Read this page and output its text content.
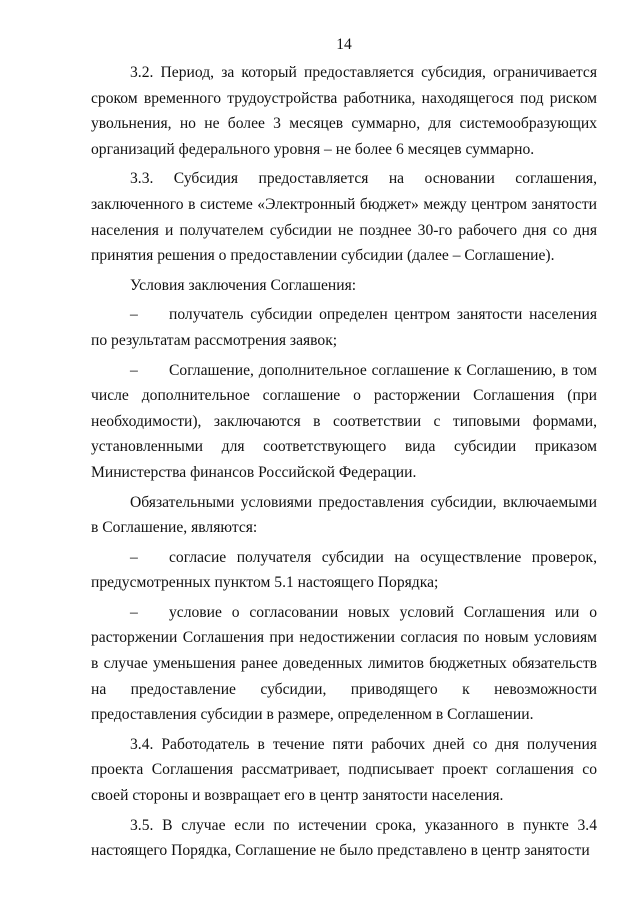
14

3.2. Период, за который предоставляется субсидия, ограничивается сроком временного трудоустройства работника, находящегося под риском увольнения, но не более 3 месяцев суммарно, для системообразующих организаций федерального уровня – не более 6 месяцев суммарно.

3.3. Субсидия предоставляется на основании соглашения, заключенного в системе «Электронный бюджет» между центром занятости населения и получателем субсидии не позднее 30-го рабочего дня со дня принятия решения о предоставлении субсидии (далее – Соглашение).

Условия заключения Соглашения:

– получатель субсидии определен центром занятости населения по результатам рассмотрения заявок;

– Соглашение, дополнительное соглашение к Соглашению, в том числе дополнительное соглашение о расторжении Соглашения (при необходимости), заключаются в соответствии с типовыми формами, установленными для соответствующего вида субсидии приказом Министерства финансов Российской Федерации.

Обязательными условиями предоставления субсидии, включаемыми в Соглашение, являются:

– согласие получателя субсидии на осуществление проверок, предусмотренных пунктом 5.1 настоящего Порядка;

– условие о согласовании новых условий Соглашения или о расторжении Соглашения при недостижении согласия по новым условиям в случае уменьшения ранее доведенных лимитов бюджетных обязательств на предоставление субсидии, приводящего к невозможности предоставления субсидии в размере, определенном в Соглашении.

3.4. Работодатель в течение пяти рабочих дней со дня получения проекта Соглашения рассматривает, подписывает проект соглашения со своей стороны и возвращает его в центр занятости населения.

3.5. В случае если по истечении срока, указанного в пункте 3.4 настоящего Порядка, Соглашение не было представлено в центр занятости
